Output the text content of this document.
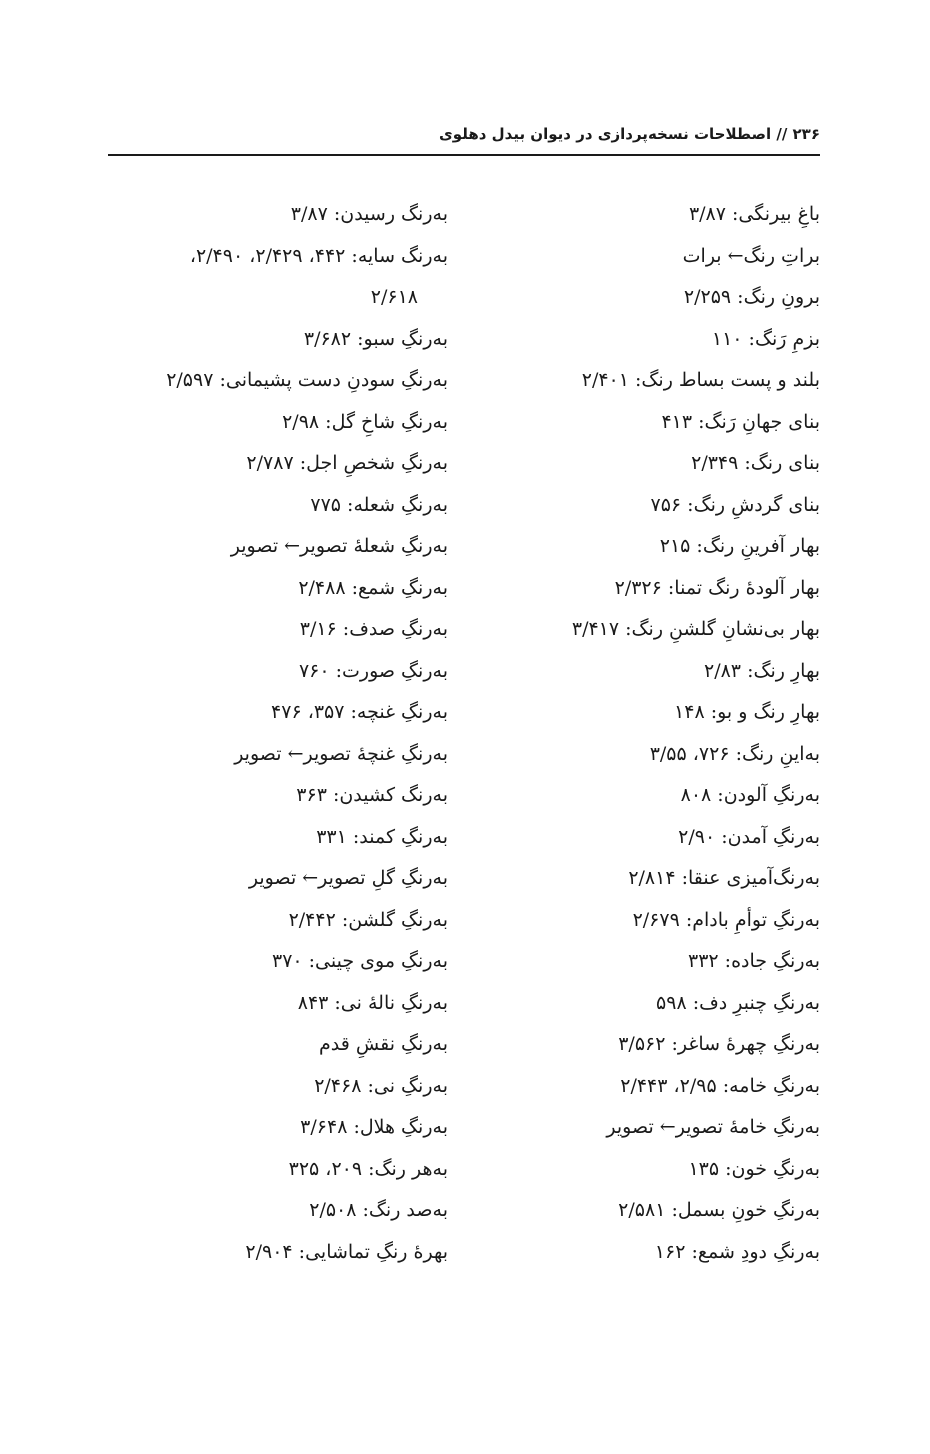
۲۳۶ // اصطلاحات نسخه‌پردازی در دیوان بیدل دهلوی
باغِ بیرنگی: ۳/۸۷
براتِ رنگ← برات
برونِ رنگ: ۲/۲۵۹
بزمِ رَنگ: ۱۱۰
بلند و پست بساط رنگ: ۲/۴۰۱
بنای جهانِ رَنگ: ۴۱۳
بنای رنگ: ۲/۳۴۹
بنای گردشِ رنگ: ۷۵۶
بهار آفرینِ رنگ: ۲۱۵
بهار آلودۀ رنگ تمنا: ۲/۳۲۶
بهار بی‌نشانِ گلشنِ رنگ: ۳/۴۱۷
بهارِ رنگ: ۲/۸۳
بهارِ رنگ و بو: ۱۴۸
به‌اینِ رنگ: ۷۲۶، ۳/۵۵
به‌رنگِ آلودن: ۸۰۸
به‌رنگِ آمدن: ۲/۹۰
به‌رنگ‌آمیزی عنقا: ۲/۸۱۴
به‌رنگِ توأمِ بادام: ۲/۶۷۹
به‌رنگِ جاده: ۳۳۲
به‌رنگِ چنبرِ دف: ۵۹۸
به‌رنگِ چهرۀ ساغر: ۳/۵۶۲
به‌رنگِ خامه: ۲/۹۵، ۲/۴۴۳
به‌رنگِ خامۀ تصویر← تصویر
به‌رنگِ خون: ۱۳۵
به‌رنگِ خونِ بسمل: ۲/۵۸۱
به‌رنگِ دودِ شمع: ۱۶۲
به‌رنگ رسیدن: ۳/۸۷
به‌رنگ سایه: ۴۴۲، ۲/۴۲۹، ۲/۴۹۰،
۲/۶۱۸
به‌رنگِ سبو: ۳/۶۸۲
به‌رنگِ سودنِ دست پشیمانی: ۲/۵۹۷
به‌رنگِ شاخِ گل: ۲/۹۸
به‌رنگِ شخصِ اجل: ۲/۷۸۷
به‌رنگِ شعله: ۷۷۵
به‌رنگِ شعلۀ تصویر← تصویر
به‌رنگِ شمع: ۲/۴۸۸
به‌رنگِ صدف: ۳/۱۶
به‌رنگِ صورت: ۷۶۰
به‌رنگِ غنچه: ۳۵۷، ۴۷۶
به‌رنگِ غنچۀ تصویر← تصویر
به‌رنگ کشیدن: ۳۶۳
به‌رنگِ کمند: ۳۳۱
به‌رنگِ گلِ تصویر← تصویر
به‌رنگِ گلشن: ۲/۴۴۲
به‌رنگِ موی چینی: ۳۷۰
به‌رنگِ نالۀ نی: ۸۴۳
به‌رنگِ نقشِ قدم
به‌رنگِ نی: ۲/۴۶۸
به‌رنگِ هلال: ۳/۶۴۸
به‌هر رنگ: ۲۰۹، ۳۲۵
به‌صد رنگ: ۲/۵۰۸
بهرۀ رنگِ تماشایی: ۲/۹۰۴
